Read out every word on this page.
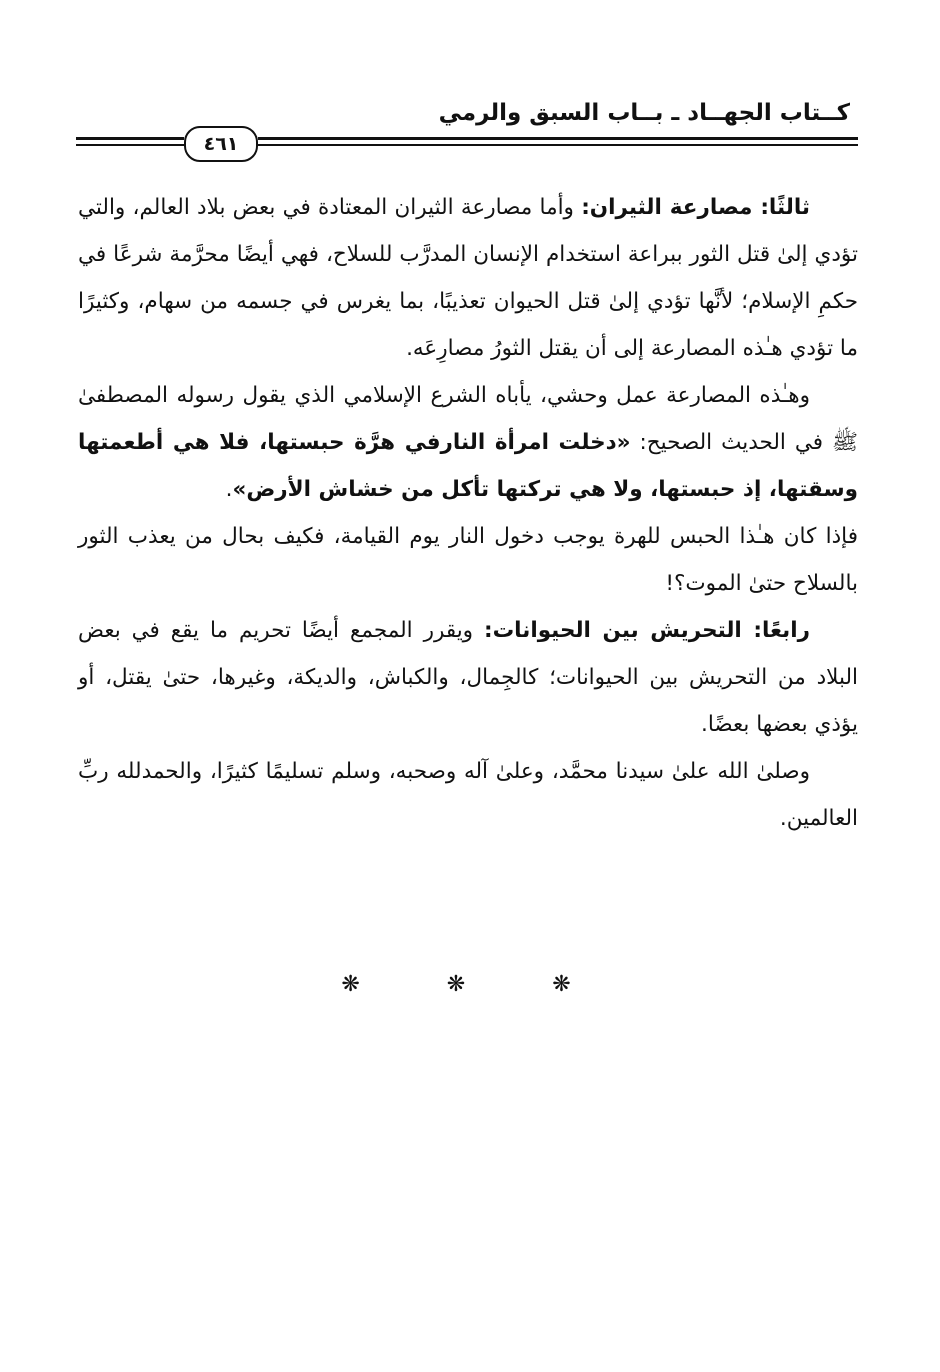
كــتاب الجهــاد ـ بــاب السبق والرمي
٤٦١

ثالثًا: مصارعة الثيران: وأما مصارعة الثيران المعتادة في بعض بلاد العالم، والتي تؤدي إلىٰ قتل الثور ببراعة استخدام الإنسان المدرَّب للسلاح، فهي أيضًا محرَّمة شرعًا في حكمِ الإسلام؛ لأنَّها تؤدي إلىٰ قتل الحيوان تعذيبًا، بما يغرس في جسمه من سهام، وكثيرًا ما تؤدي هـٰذه المصارعة إلى أن يقتل الثورُ مصارِعَه.

وهـٰذه المصارعة عمل وحشي، يأباه الشرع الإسلامي الذي يقول رسوله المصطفىٰ ﷺ في الحديث الصحيح: «دخلت امرأة النارفي هرَّة حبستها، فلا هي أطعمتها وسقتها، إذ حبستها، ولا هي تركتها تأكل من خشاش الأرض».

فإذا كان هـٰذا الحبس للهرة يوجب دخول النار يوم القيامة، فكيف بحال من يعذب الثور بالسلاح حتىٰ الموت؟!

رابعًا: التحريش بين الحيوانات: ويقرر المجمع أيضًا تحريم ما يقع في بعض البلاد من التحريش بين الحيوانات؛ كالجِمال، والكباش، والديكة، وغيرها، حتىٰ يقتل، أو يؤذي بعضها بعضًا.

وصلىٰ الله علىٰ سيدنا محمَّد، وعلىٰ آله وصحبه، وسلم تسليمًا كثيرًا، والحمدلله ربِّ العالمين.

❋	❋	❋
